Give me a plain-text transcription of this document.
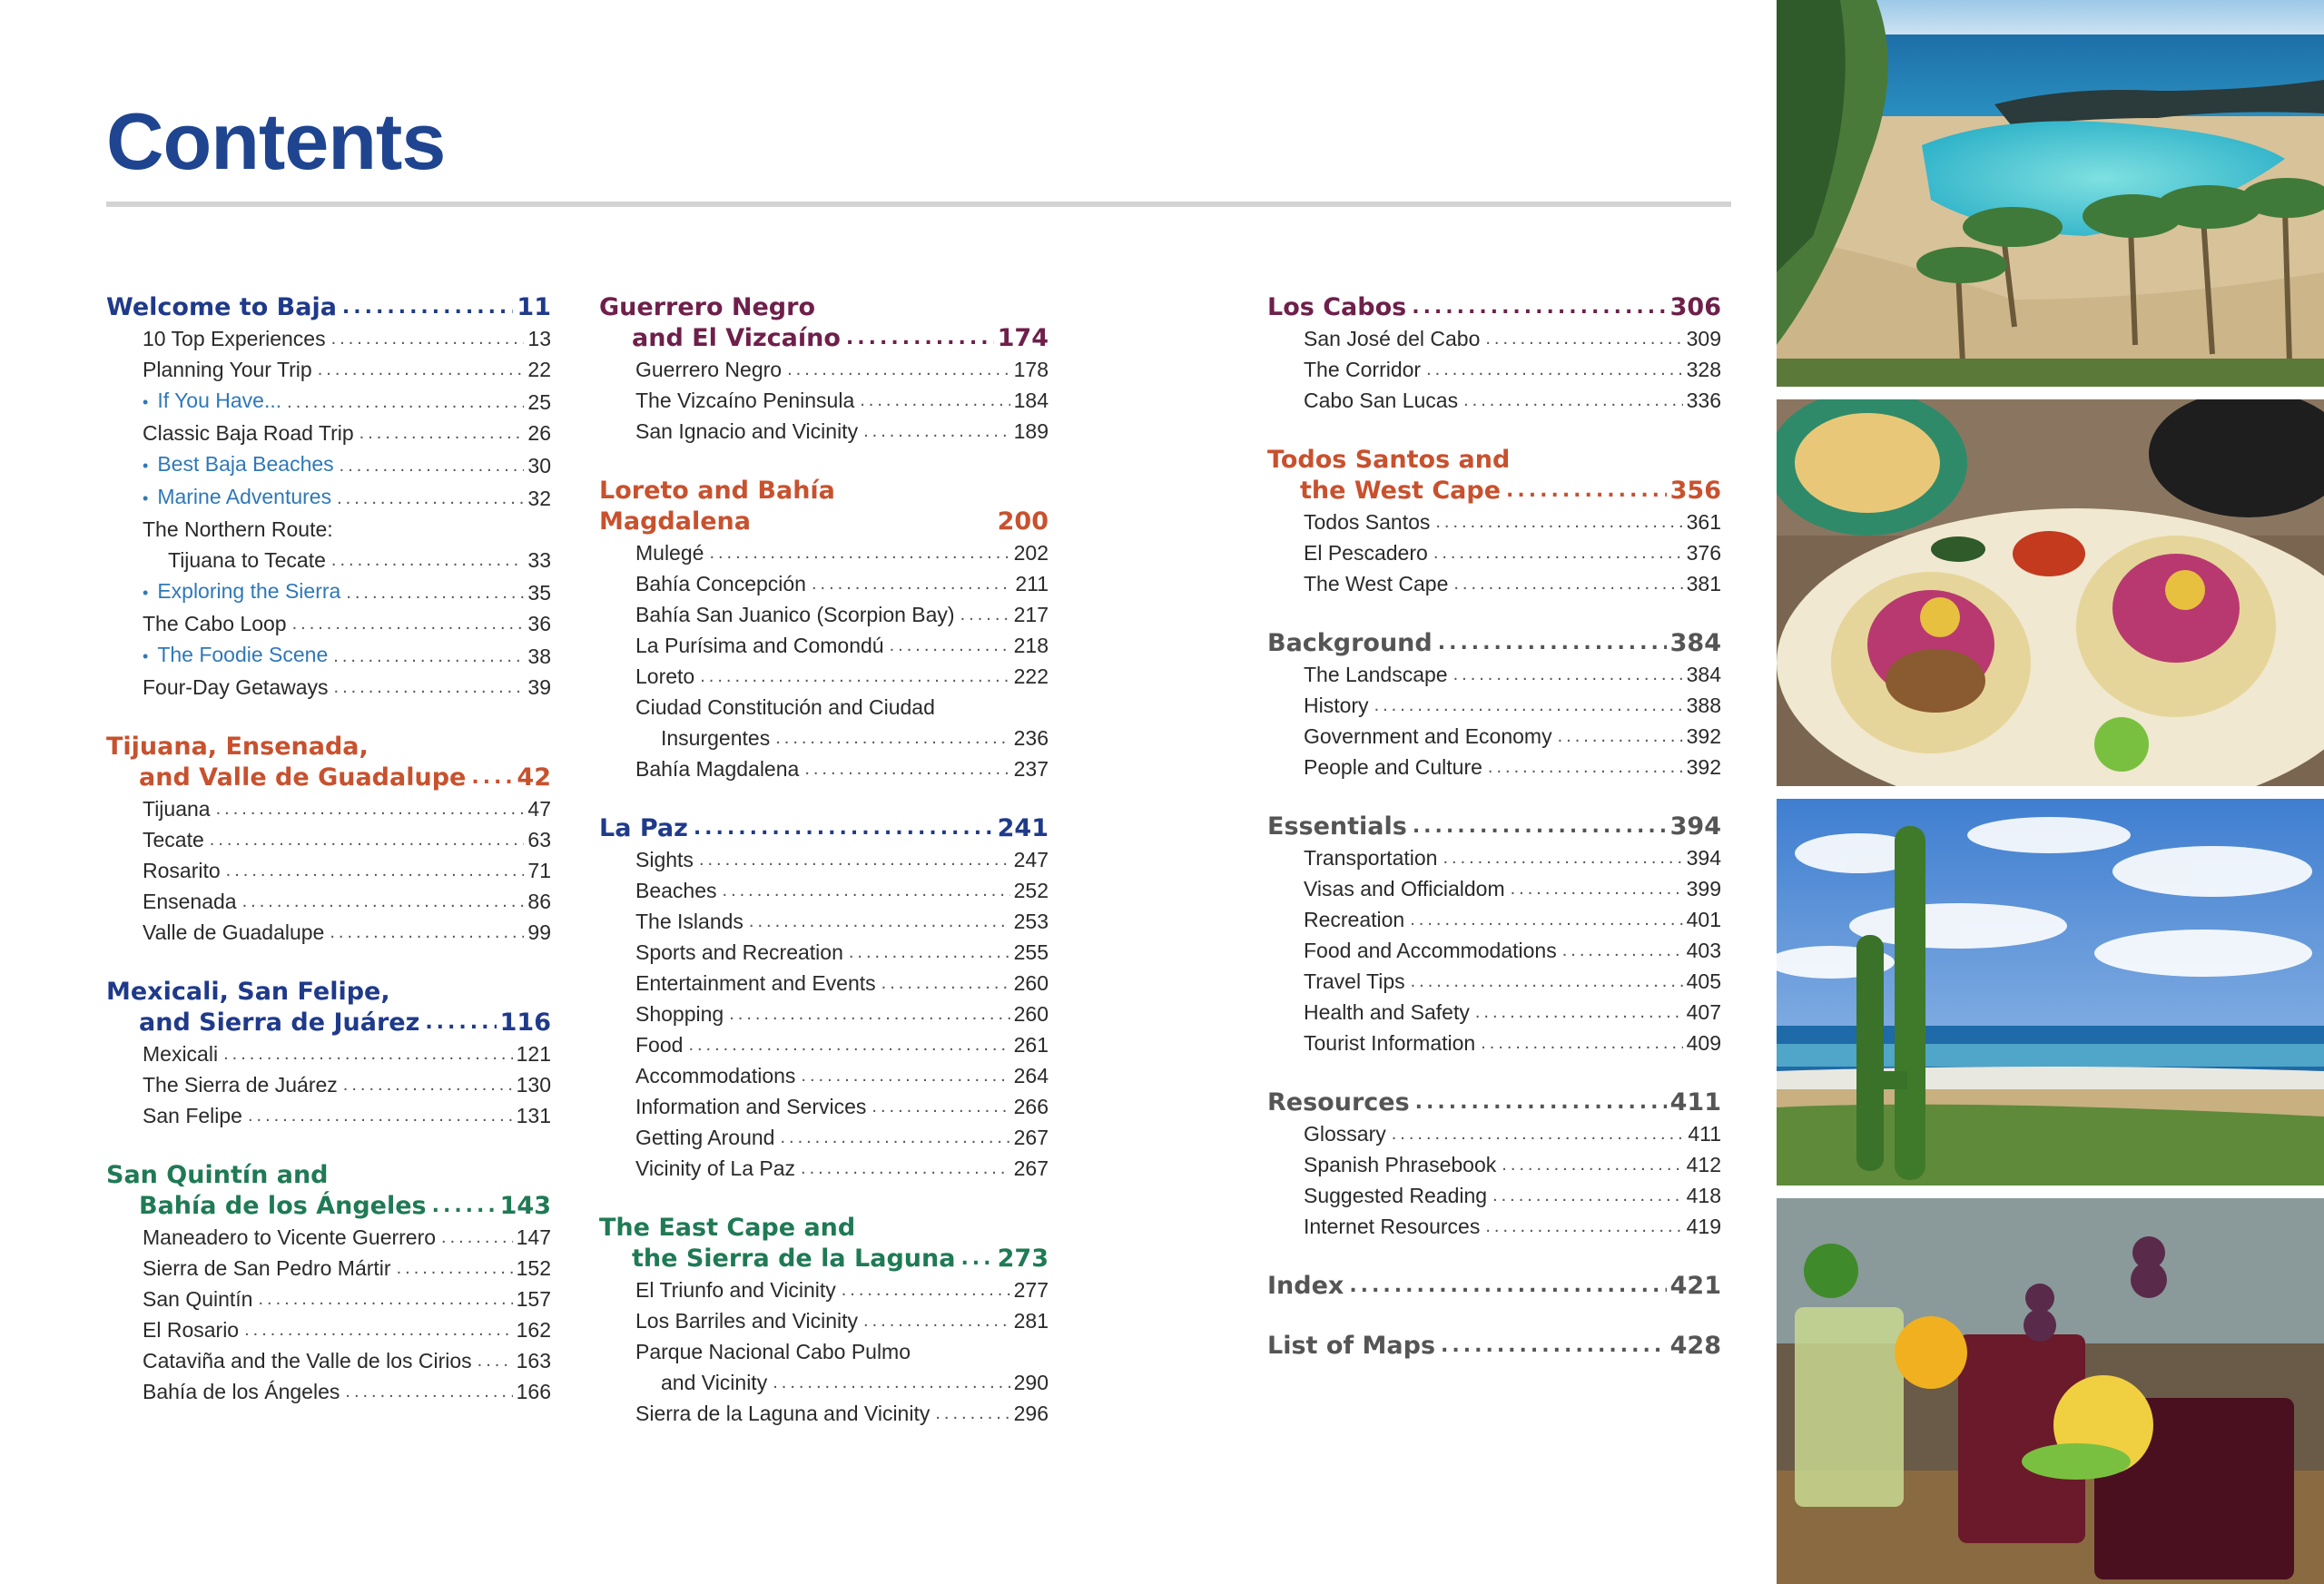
Contents
Welcome to Baja .....	11
10 Top Experiences .....	13
Planning Your Trip .....	22
• If You Have... .....	25
Classic Baja Road Trip .....	26
• Best Baja Beaches .....	30
• Marine Adventures .....	32
The Northern Route:
Tijuana to Tecate .....	33
• Exploring the Sierra .....	35
The Cabo Loop .....	36
• The Foodie Scene .....	38
Four-Day Getaways .....	39
Tijuana, Ensenada,
and Valle de Guadalupe ..... 42
Tijuana .....	47
Tecate .....	63
Rosarito .....	71
Ensenada .....	86
Valle de Guadalupe .....	99
Mexicali, San Felipe,
and Sierra de Juárez .....	116
Mexicali .....	121
The Sierra de Juárez .....	130
San Felipe .....	131
San Quintín and
Bahía de los Ángeles .....	143
Maneadero to Vicente Guerrero .....	147
Sierra de San Pedro Mártir .....	152
San Quintín .....	157
El Rosario .....	162
Cataviña and the Valle de los Cirios ..... 163
Bahía de los Ángeles .....	166
Guerrero Negro
and El Vizcaíno .....	174
Guerrero Negro .....	178
The Vizcaíno Peninsula .....	184
San Ignacio and Vicinity .....	189
Loreto and Bahía Magdalena	200
Mulegé .....	202
Bahía Concepción .....	211
Bahía San Juanico (Scorpion Bay) .....	217
La Purísima and Comondú .....	218
Loreto .....	222
Ciudad Constitución and Ciudad
Insurgentes .....	236
Bahía Magdalena .....	237
La Paz .....	241
Sights .....	247
Beaches .....	252
The Islands .....	253
Sports and Recreation .....	255
Entertainment and Events .....	260
Shopping .....	260
Food .....	261
Accommodations .....	264
Information and Services .....	266
Getting Around .....	267
Vicinity of La Paz .....	267
The East Cape and
the Sierra de la Laguna ..... 273
El Triunfo and Vicinity .....	277
Los Barriles and Vicinity .....	281
Parque Nacional Cabo Pulmo
and Vicinity .....	290
Sierra de la Laguna and Vicinity .....	296
Los Cabos .....	306
San José del Cabo .....	309
The Corridor .....	328
Cabo San Lucas .....	336
Todos Santos and
the West Cape .....	356
Todos Santos .....	361
El Pescadero .....	376
The West Cape .....	381
Background .....	384
The Landscape .....	384
History .....	388
Government and Economy .....	392
People and Culture .....	392
Essentials .....	394
Transportation .....	394
Visas and Officialdom .....	399
Recreation .....	401
Food and Accommodations .....	403
Travel Tips .....	405
Health and Safety .....	407
Tourist Information .....	409
Resources .....	411
Glossary .....	411
Spanish Phrasebook .....	412
Suggested Reading .....	418
Internet Resources .....	419
Index .....	421
List of Maps .....	428
